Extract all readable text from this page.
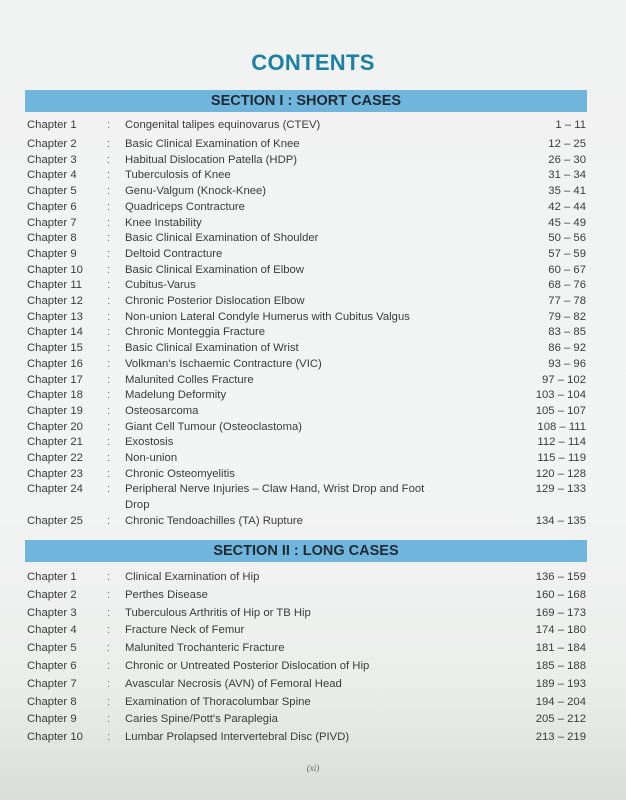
CONTENTS
SECTION I : SHORT CASES
Chapter 1	: Congenital talipes equinovarus (CTEV)	1 – 11
Chapter 2	: Basic Clinical Examination of Knee	12 – 25
Chapter 3	: Habitual Dislocation Patella (HDP)	26 – 30
Chapter 4	: Tuberculosis of Knee	31 – 34
Chapter 5	: Genu-Valgum (Knock-Knee)	35 – 41
Chapter 6	: Quadriceps Contracture	42 – 44
Chapter 7	: Knee Instability	45 – 49
Chapter 8	: Basic Clinical Examination of Shoulder	50 – 56
Chapter 9	: Deltoid Contracture	57 – 59
Chapter 10 : Basic Clinical Examination of Elbow	60 – 67
Chapter 11 : Cubitus-Varus	68 – 76
Chapter 12 : Chronic Posterior Dislocation Elbow	77 – 78
Chapter 13 : Non-union Lateral Condyle Humerus with Cubitus Valgus	79 – 82
Chapter 14 : Chronic Monteggia Fracture	83 – 85
Chapter 15 : Basic Clinical Examination of Wrist	86 – 92
Chapter 16 : Volkman's Ischaemic Contracture (VIC)	93 – 96
Chapter 17 : Malunited Colles Fracture	97 – 102
Chapter 18 : Madelung Deformity	103 – 104
Chapter 19 : Osteosarcoma	105 – 107
Chapter 20 : Giant Cell Tumour (Osteoclastoma)	108 – 111
Chapter 21 : Exostosis	112 – 114
Chapter 22 : Non-union	115 – 119
Chapter 23 : Chronic Osteomyelitis	120 – 128
Chapter 24 : Peripheral Nerve Injuries – Claw Hand, Wrist Drop and Foot Drop
129 – 133
Chapter 25 : Chronic Tendoachilles (TA) Rupture	134 – 135
SECTION II : LONG CASES
Chapter 1	: Clinical Examination of Hip	136 – 159
Chapter 2	: Perthes Disease	160 – 168
Chapter 3	: Tuberculous Arthritis of Hip or TB Hip	169 – 173
Chapter 4	: Fracture Neck of Femur	174 – 180
Chapter 5	: Malunited Trochanteric Fracture	181 – 184
Chapter 6	: Chronic or Untreated Posterior Dislocation of Hip	185 – 188
Chapter 7	: Avascular Necrosis (AVN) of Femoral Head	189 – 193
Chapter 8	: Examination of Thoracolumbar Spine	194 – 204
Chapter 9	: Caries Spine/Pott's Paraplegia	205 – 212
Chapter 10 : Lumbar Prolapsed Intervertebral Disc (PIVD)	213 – 219
(xi)
